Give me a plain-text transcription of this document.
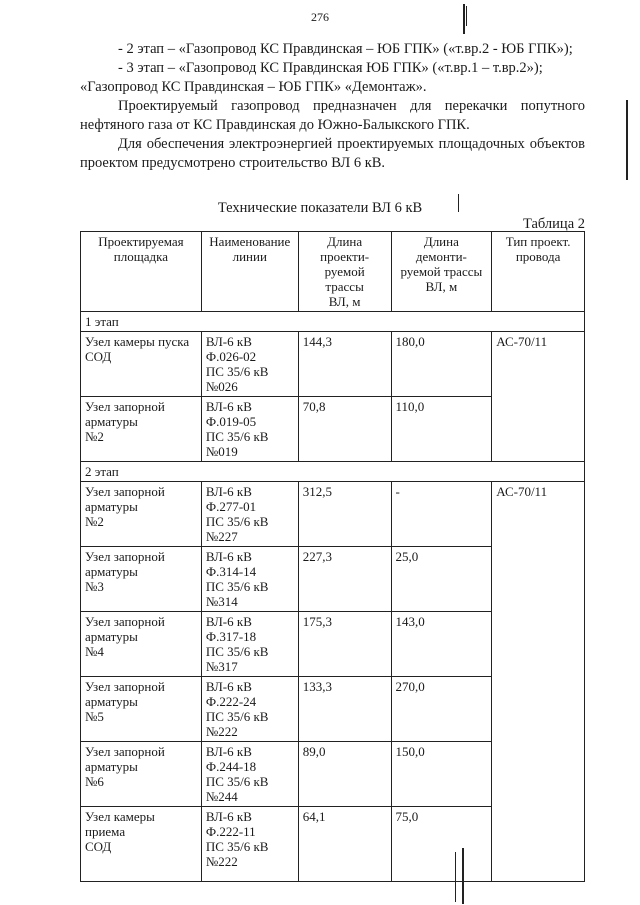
276

- 2 этап – «Газопровод КС Правдинская – ЮБ ГПК» («т.вр.2 - ЮБ ГПК»);

- 3 этап – «Газопровод КС Правдинская ЮБ ГПК» («т.вр.1 – т.вр.2»);

«Газопровод КС Правдинская – ЮБ ГПК» «Демонтаж».

Проектируемый газопровод предназначен для перекачки попутного нефтяного газа от КС Правдинская до Южно-Балыкского ГПК.

Для обеспечения электроэнергией проектируемых площадочных объектов проектом предусмотрено строительство ВЛ 6 кВ.

Технические показатели ВЛ 6 кВ
Таблица 2
Проектируемая
площадка	Наименование
линии	Длина
проекти-
руемой
трассы
ВЛ, м	Длина
демонти-
руемой трассы
ВЛ, м	Тип проект.
провода

1 этап				

Узел камеры пуска
СОД	ВЛ-6 кВ
Ф.026-02
ПС 35/6 кВ
№026	144,3	180,0	АС-70/11

Узел запорной
арматуры
№2	ВЛ-6 кВ
Ф.019-05
ПС 35/6 кВ
№019	70,8	110,0	
2 этап				

Узел запорной
арматуры
№2	ВЛ-6 кВ
Ф.277-01
ПС 35/6 кВ
№227	312,5	-	АС-70/11

Узел запорной
арматуры
№3	ВЛ-6 кВ
Ф.314-14
ПС 35/6 кВ
№314	227,3	25,0	

Узел запорной
арматуры
№4	ВЛ-6 кВ
Ф.317-18
ПС 35/6 кВ
№317	175,3	143,0	

Узел запорной
арматуры
№5	ВЛ-6 кВ
Ф.222-24
ПС 35/6 кВ
№222	133,3	270,0	

Узел запорной
арматуры
№6	ВЛ-6 кВ
Ф.244-18
ПС 35/6 кВ
№244	89,0	150,0	

Узел камеры приема
СОД	ВЛ-6 кВ
Ф.222-11
ПС 35/6 кВ
№222	64,1	75,0	
